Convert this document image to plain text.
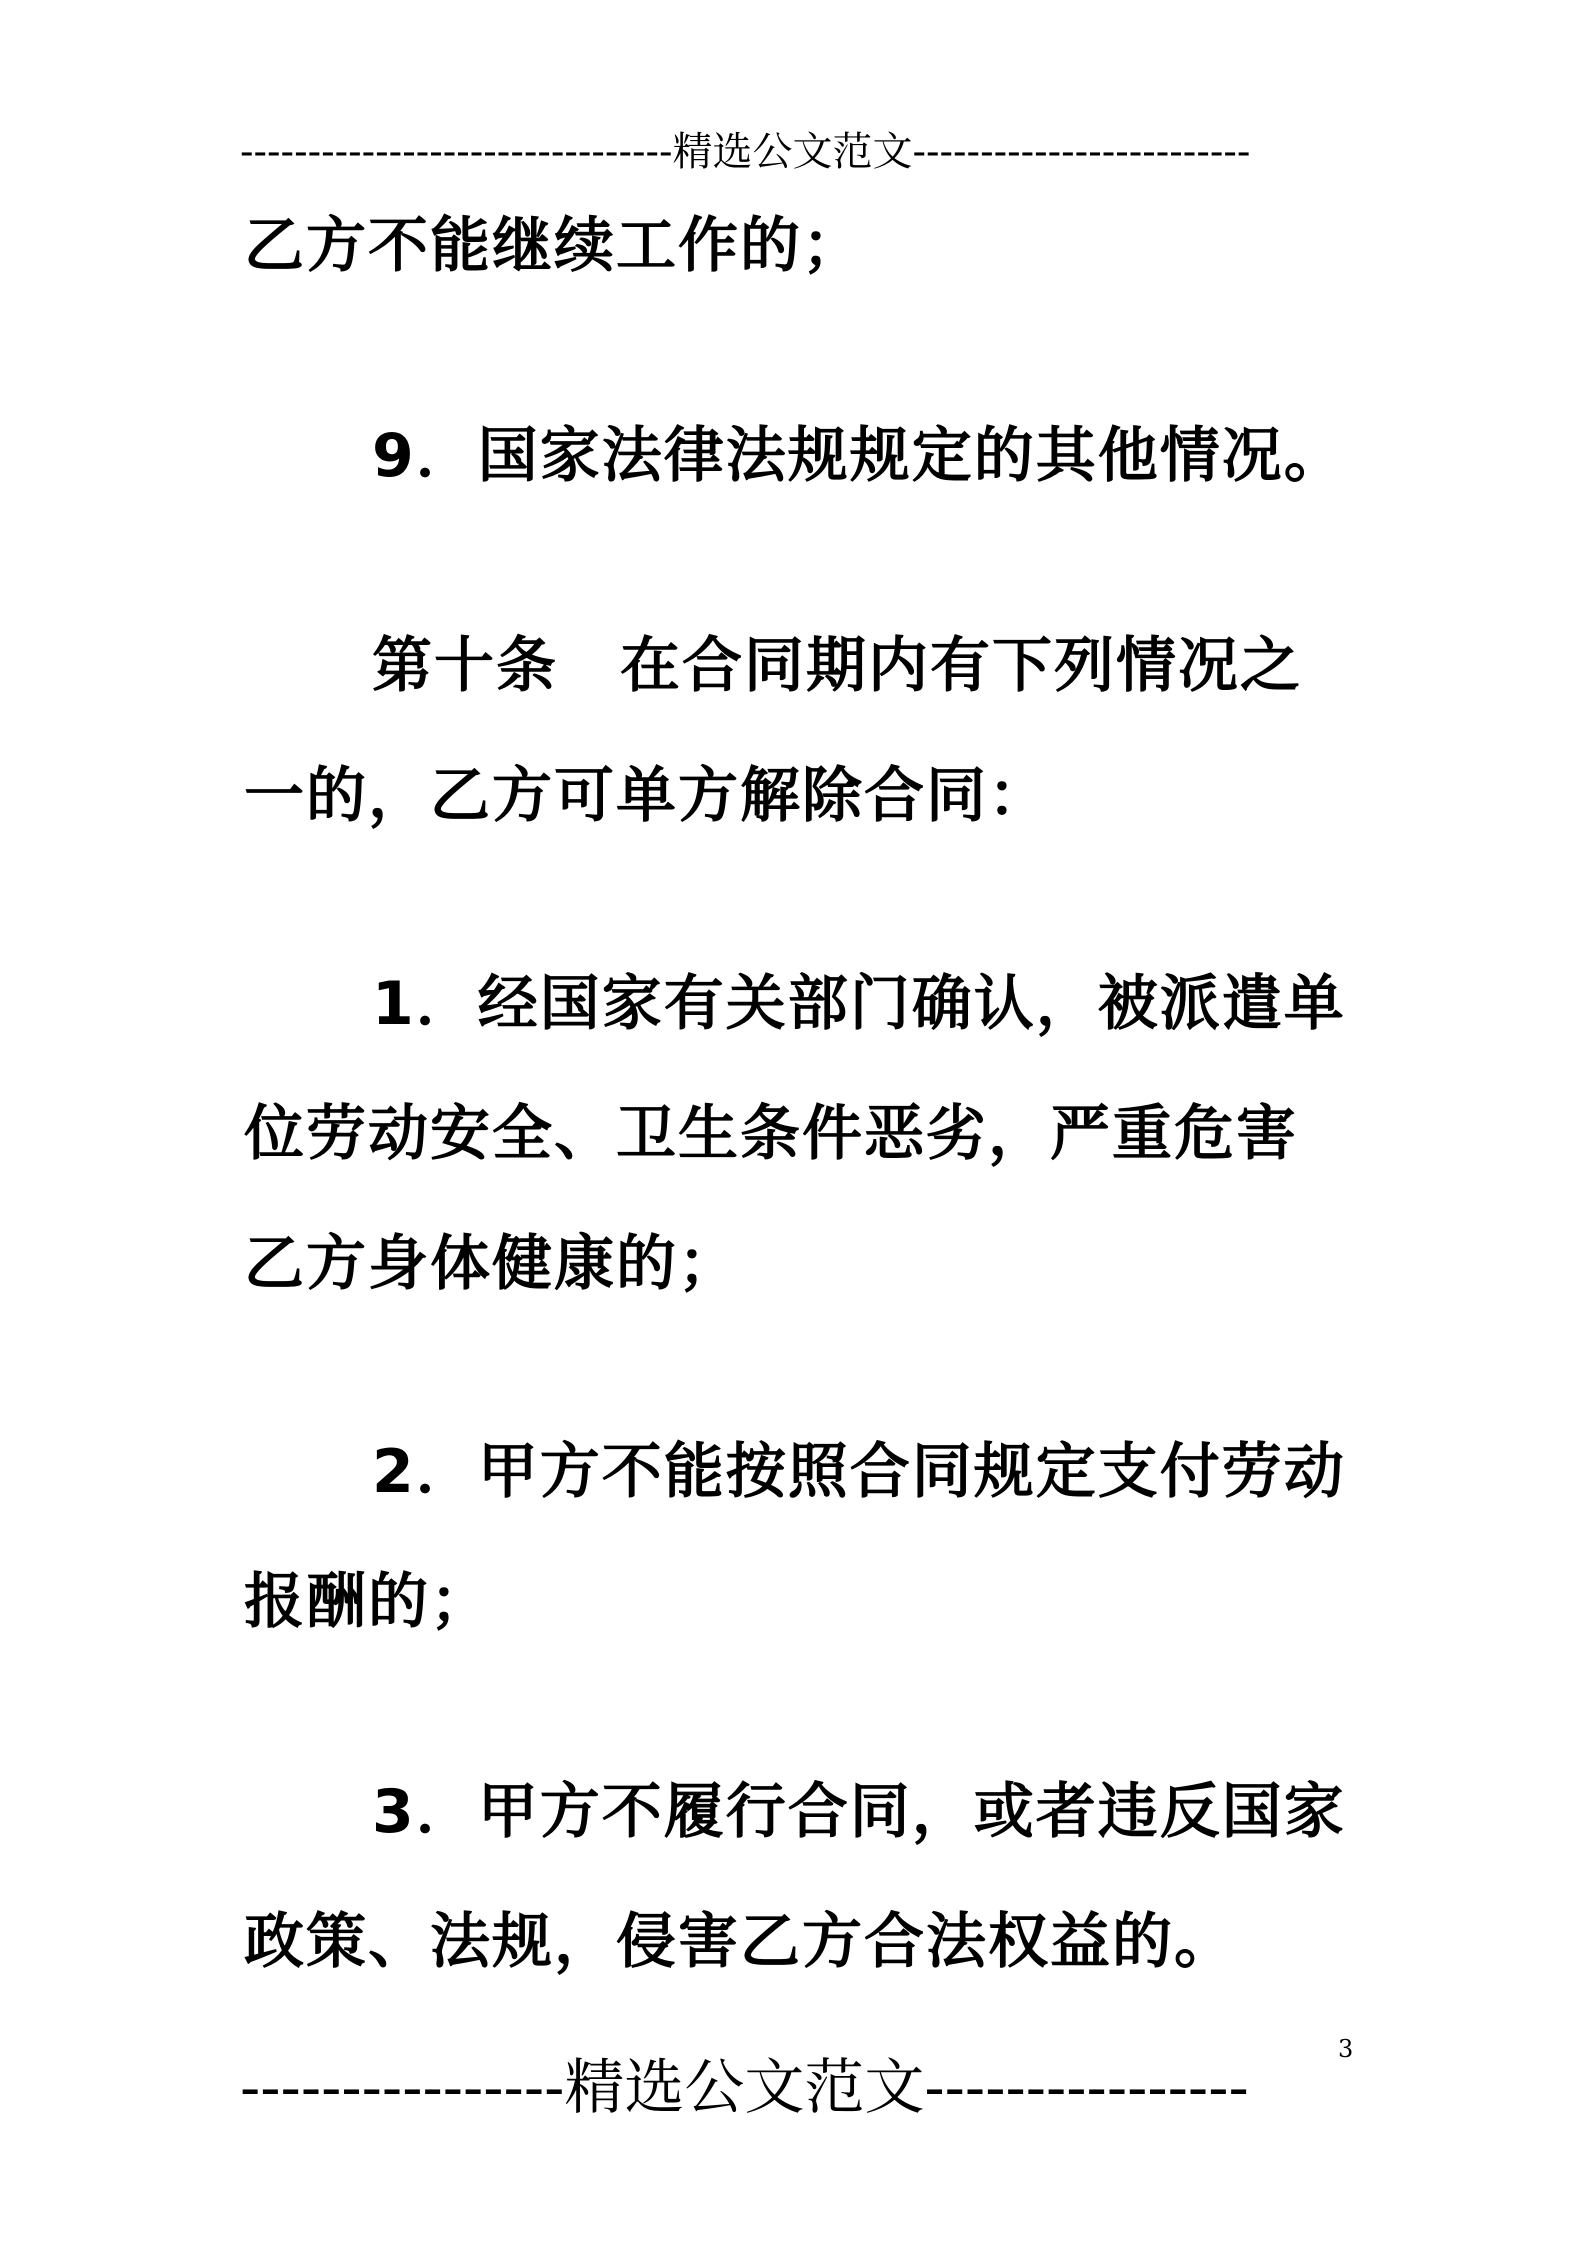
--------------------------------精选公文范文-------------------------
乙方不能继续工作的；
9．国家法律法规规定的其他情况。
第十条　在合同期内有下列情况之
一的，乙方可单方解除合同：
1．经国家有关部门确认，被派遣单
位劳动安全、卫生条件恶劣，严重危害
乙方身体健康的；
2．甲方不能按照合同规定支付劳动
报酬的；
3．甲方不履行合同，或者违反国家
政策、法规，侵害乙方合法权益的。
----------------精选公文范文----------------
3
